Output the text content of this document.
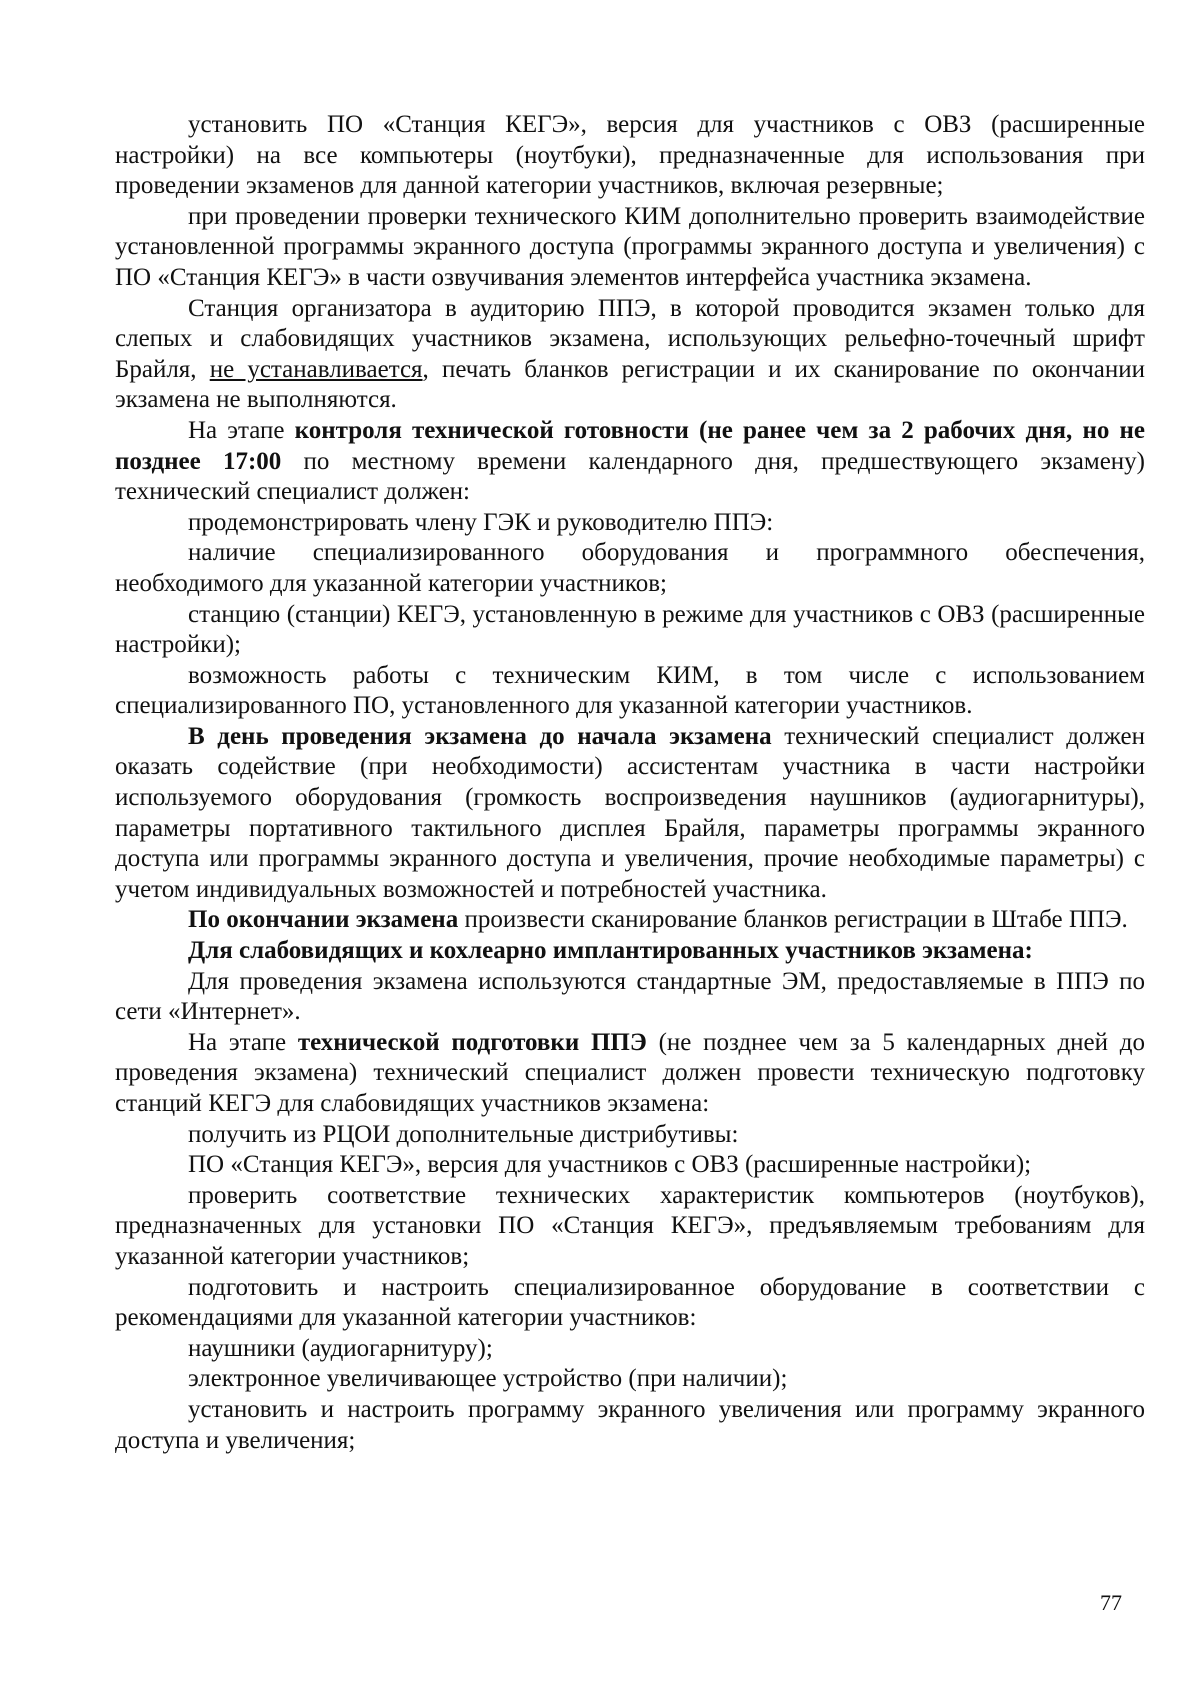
установить ПО «Станция КЕГЭ», версия для участников с ОВЗ (расширенные настройки) на все компьютеры (ноутбуки), предназначенные для использования при проведении экзаменов для данной категории участников, включая резервные;

при проведении проверки технического КИМ дополнительно проверить взаимодействие установленной программы экранного доступа (программы экранного доступа и увеличения) с ПО «Станция КЕГЭ» в части озвучивания элементов интерфейса участника экзамена.

Станция организатора в аудиторию ППЭ, в которой проводится экзамен только для слепых и слабовидящих участников экзамена, использующих рельефно-точечный шрифт Брайля, не устанавливается, печать бланков регистрации и их сканирование по окончании экзамена не выполняются.

На этапе контроля технической готовности (не ранее чем за 2 рабочих дня, но не позднее 17:00 по местному времени календарного дня, предшествующего экзамену) технический специалист должен:

продемонстрировать члену ГЭК и руководителю ППЭ:

наличие специализированного оборудования и программного обеспечения, необходимого для указанной категории участников;

станцию (станции) КЕГЭ, установленную в режиме для участников с ОВЗ (расширенные настройки);

возможность работы с техническим КИМ, в том числе с использованием специализированного ПО, установленного для указанной категории участников.

В день проведения экзамена до начала экзамена технический специалист должен оказать содействие (при необходимости) ассистентам участника в части настройки используемого оборудования (громкость воспроизведения наушников (аудиогарнитуры), параметры портативного тактильного дисплея Брайля, параметры программы экранного доступа или программы экранного доступа и увеличения, прочие необходимые параметры) с учетом индивидуальных возможностей и потребностей участника.

По окончании экзамена произвести сканирование бланков регистрации в Штабе ППЭ.

Для слабовидящих и кохлеарно имплантированных участников экзамена:

Для проведения экзамена используются стандартные ЭМ, предоставляемые в ППЭ по сети «Интернет».

На этапе технической подготовки ППЭ (не позднее чем за 5 календарных дней до проведения экзамена) технический специалист должен провести техническую подготовку станций КЕГЭ для слабовидящих участников экзамена:

получить из РЦОИ дополнительные дистрибутивы:

ПО «Станция КЕГЭ», версия для участников с ОВЗ (расширенные настройки);

проверить соответствие технических характеристик компьютеров (ноутбуков), предназначенных для установки ПО «Станция КЕГЭ», предъявляемым требованиям для указанной категории участников;

подготовить и настроить специализированное оборудование в соответствии с рекомендациями для указанной категории участников:

наушники (аудиогарнитуру);

электронное увеличивающее устройство (при наличии);

установить и настроить программу экранного увеличения или программу экранного доступа и увеличения;

77
